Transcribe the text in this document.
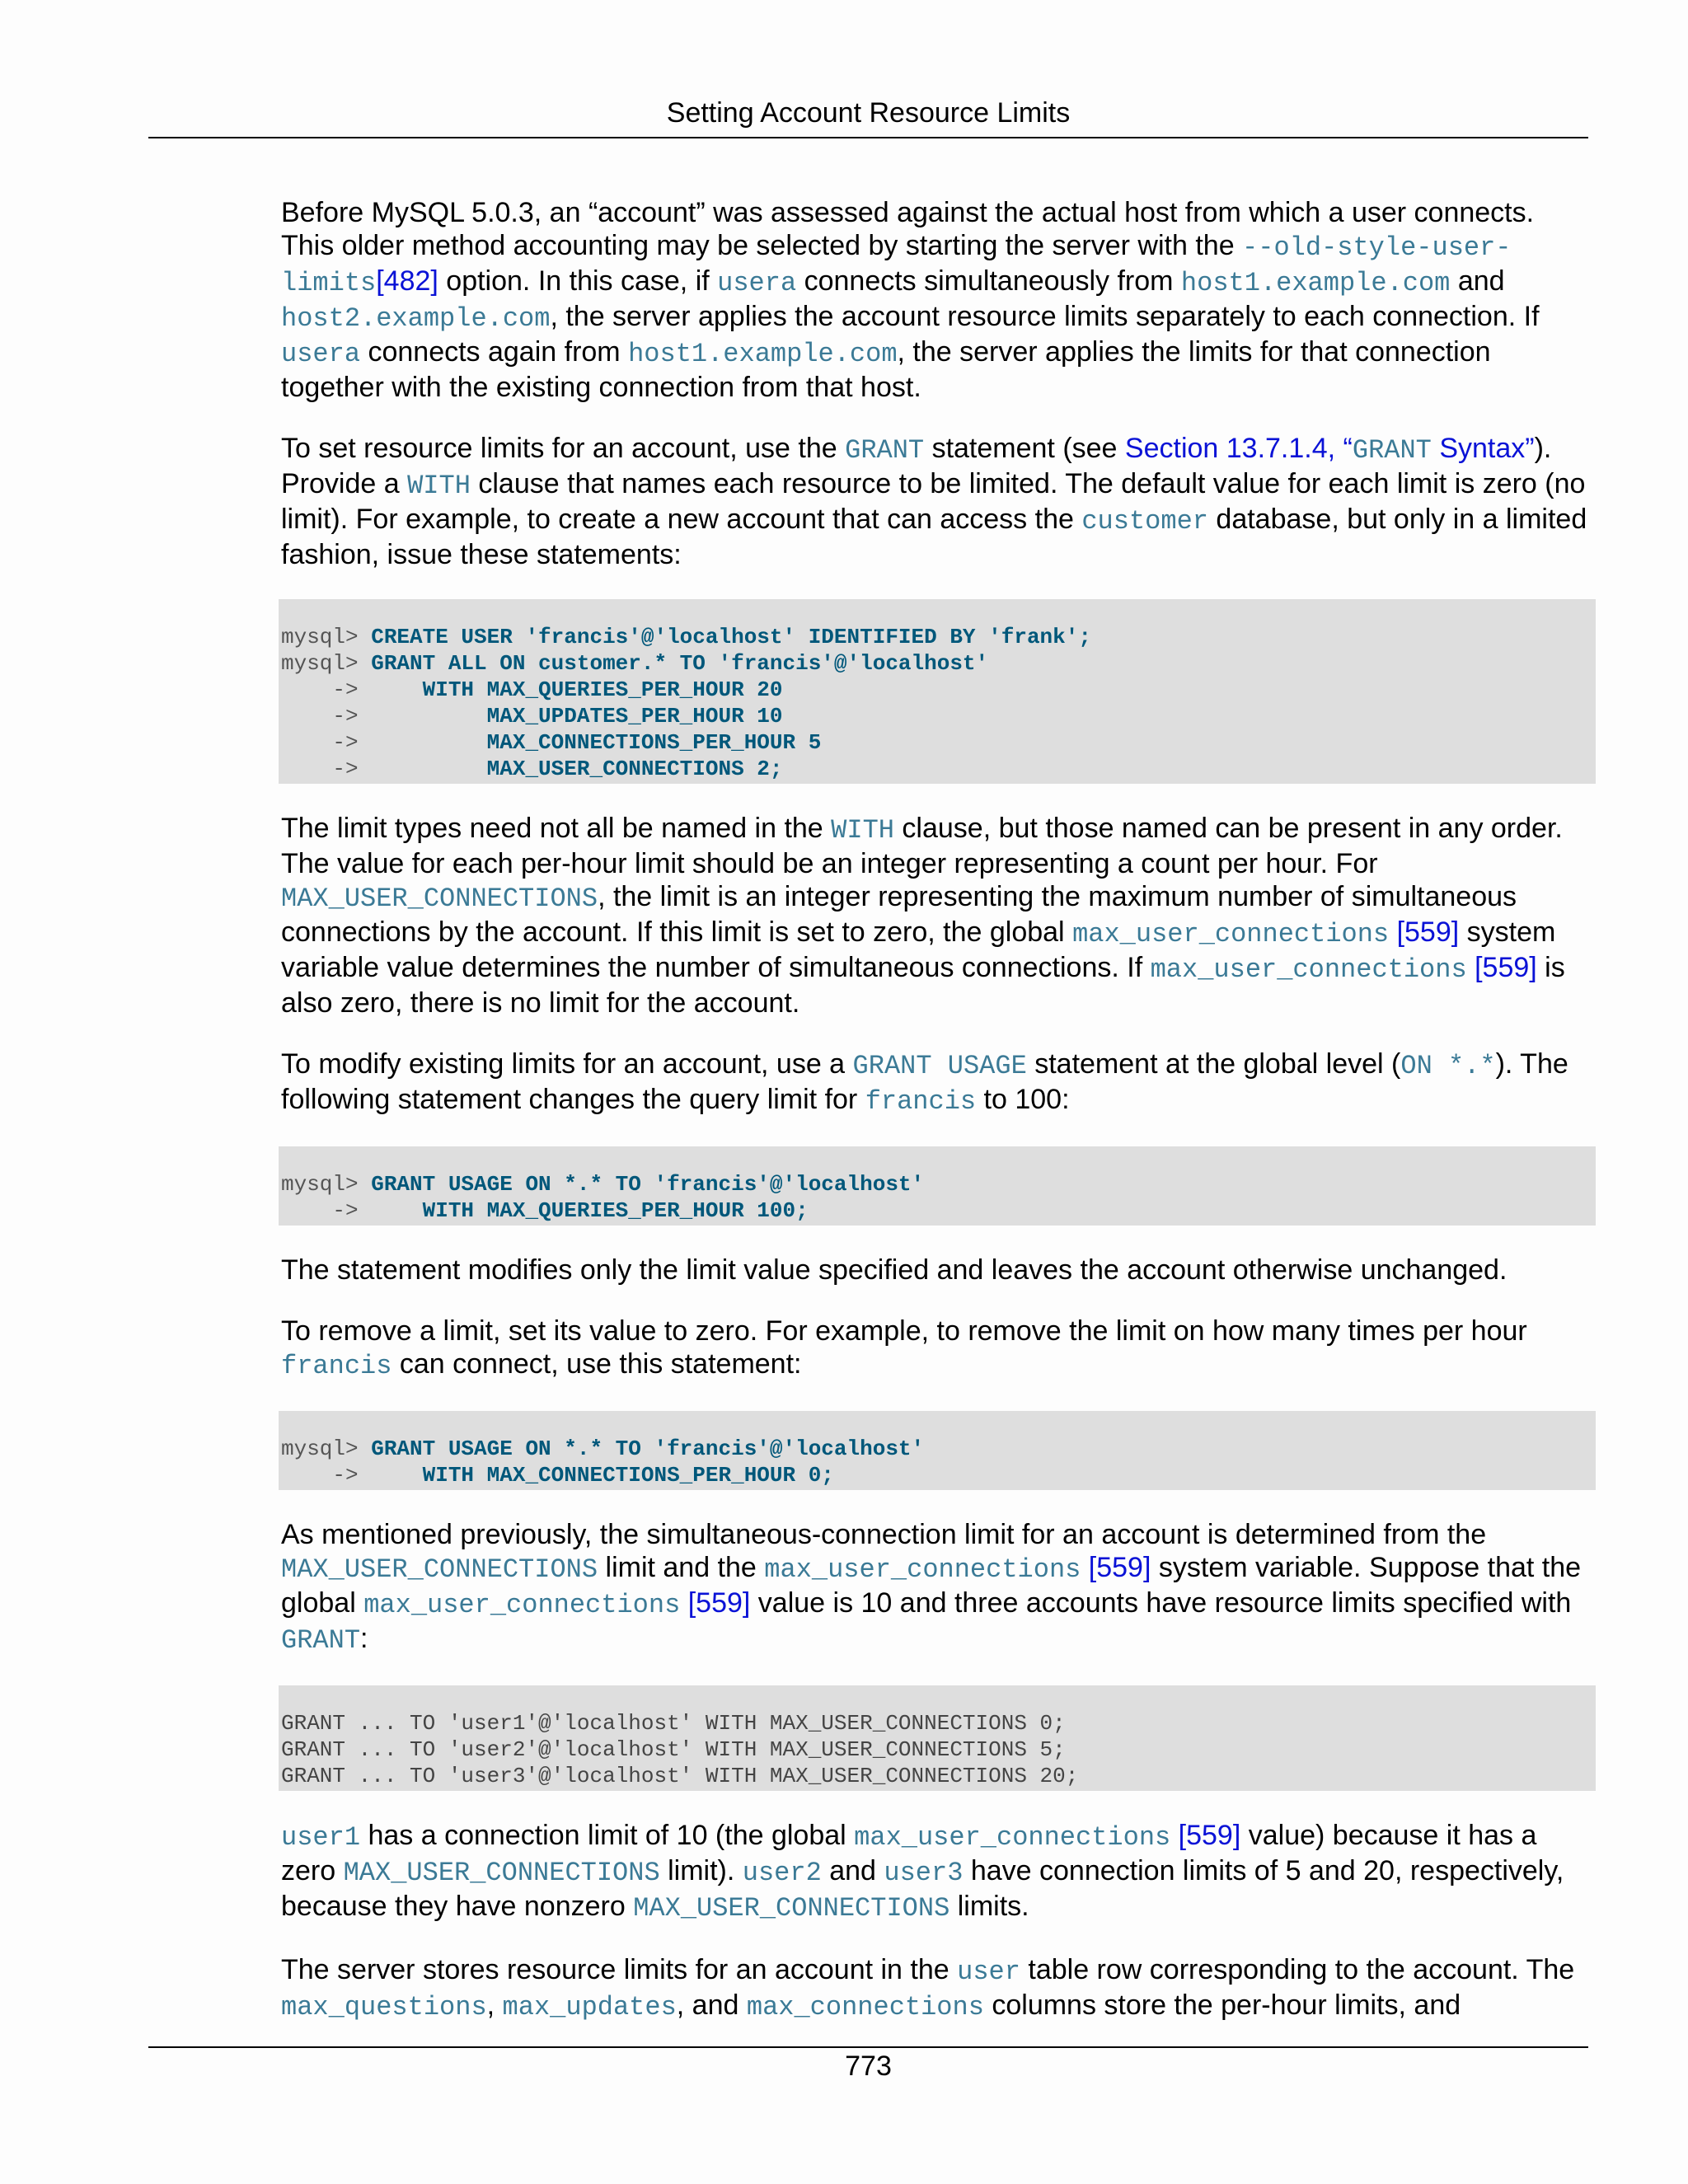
Setting Account Resource Limits

Before MySQL 5.0.3, an “account” was assessed against the actual host from which a user connects. This older method accounting may be selected by starting the server with the --old-style-user-limits[482] option. In this case, if usera connects simultaneously from host1.example.com and host2.example.com, the server applies the account resource limits separately to each connection. If usera connects again from host1.example.com, the server applies the limits for that connection together with the existing connection from that host.

To set resource limits for an account, use the GRANT statement (see Section 13.7.1.4, “GRANT Syntax”). Provide a WITH clause that names each resource to be limited. The default value for each limit is zero (no limit). For example, to create a new account that can access the customer database, but only in a limited fashion, issue these statements:

mysql> CREATE USER 'francis'@'localhost' IDENTIFIED BY 'frank';
mysql> GRANT ALL ON customer.* TO 'francis'@'localhost'
->     WITH MAX_QUERIES_PER_HOUR 20
->          MAX_UPDATES_PER_HOUR 10
->          MAX_CONNECTIONS_PER_HOUR 5
->          MAX_USER_CONNECTIONS 2;

The limit types need not all be named in the WITH clause, but those named can be present in any order. The value for each per-hour limit should be an integer representing a count per hour. For MAX_USER_CONNECTIONS, the limit is an integer representing the maximum number of simultaneous connections by the account. If this limit is set to zero, the global max_user_connections [559] system variable value determines the number of simultaneous connections. If max_user_connections [559] is also zero, there is no limit for the account.

To modify existing limits for an account, use a GRANT USAGE statement at the global level (ON *.*). The following statement changes the query limit for francis to 100:

mysql> GRANT USAGE ON *.* TO 'francis'@'localhost'
->     WITH MAX_QUERIES_PER_HOUR 100;

The statement modifies only the limit value specified and leaves the account otherwise unchanged.

To remove a limit, set its value to zero. For example, to remove the limit on how many times per hour francis can connect, use this statement:

mysql> GRANT USAGE ON *.* TO 'francis'@'localhost'
->     WITH MAX_CONNECTIONS_PER_HOUR 0;

As mentioned previously, the simultaneous-connection limit for an account is determined from the MAX_USER_CONNECTIONS limit and the max_user_connections [559] system variable. Suppose that the global max_user_connections [559] value is 10 and three accounts have resource limits specified with GRANT:

GRANT ... TO 'user1'@'localhost' WITH MAX_USER_CONNECTIONS 0;
GRANT ... TO 'user2'@'localhost' WITH MAX_USER_CONNECTIONS 5;
GRANT ... TO 'user3'@'localhost' WITH MAX_USER_CONNECTIONS 20;

user1 has a connection limit of 10 (the global max_user_connections [559] value) because it has a zero MAX_USER_CONNECTIONS limit). user2 and user3 have connection limits of 5 and 20, respectively, because they have nonzero MAX_USER_CONNECTIONS limits.

The server stores resource limits for an account in the user table row corresponding to the account. The max_questions, max_updates, and max_connections columns store the per-hour limits, and

773
